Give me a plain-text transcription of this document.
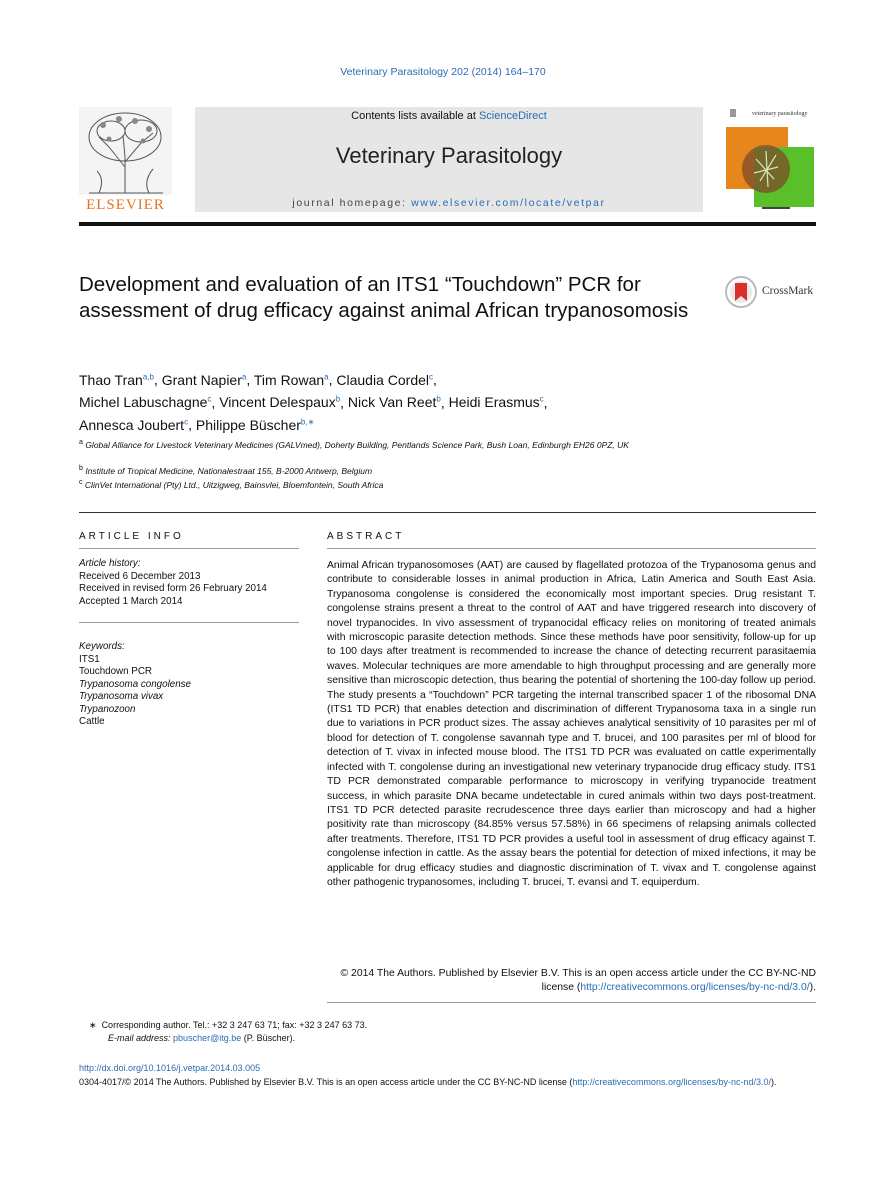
Veterinary Parasitology 202 (2014) 164–170
ELSEVIER
Contents lists available at ScienceDirect
Veterinary Parasitology
journal homepage: www.elsevier.com/locate/vetpar
veterinary parasitology
Development and evaluation of an ITS1 “Touchdown” PCR for assessment of drug efficacy against animal African trypanosomosis
CrossMark
Thao Tran$^{a,b}$, Grant Napier$^a$, Tim Rowan$^a$, Claudia Cordel$^c$,
Michel Labuschagne$^c$, Vincent Delespaux$^b$, Nick Van Reet$^b$, Heidi Erasmus$^c$,
Annesca Joubert$^c$, Philippe Büscher$^{b,∗}$
$^a$ Global Alliance for Livestock Veterinary Medicines (GALVmed), Doherty Building, Pentlands Science Park, Bush Loan, Edinburgh EH26 0PZ, UK
$^b$ Institute of Tropical Medicine, Nationalestraat 155, B-2000 Antwerp, Belgium
$^c$ ClinVet International (Pty) Ltd., Uitzigweg, Bainsvlei, Bloemfontein, South Africa
ARTICLE INFO
Article history:
Received 6 December 2013
Received in revised form 26 February 2014
Accepted 1 March 2014
Keywords:
ITS1
Touchdown PCR
Trypanosoma congolense
Trypanosoma vivax
Trypanozoon
Cattle
ABSTRACT

Animal African trypanosomoses (AAT) are caused by flagellated protozoa of the Trypanosoma genus and contribute to considerable losses in animal production in Africa, Latin America and South East Asia. Trypanosoma congolense is considered the economically most important species. Drug resistant T. congolense strains present a threat to the control of AAT and have triggered research into discovery of novel trypanocides. In vivo assessment of trypanocidal efficacy relies on monitoring of treated animals with microscopic parasite detection methods. Since these methods have poor sensitivity, follow-up for up to 100 days after treatment is recommended to increase the chance of detecting recurrent parasitaemia waves. Molecular techniques are more amendable to high throughput processing and are generally more sensitive than microscopic detection, thus bearing the potential of shortening the 100-day follow up period. The study presents a “Touchdown” PCR targeting the internal transcribed spacer 1 of the ribosomal DNA (ITS1 TD PCR) that enables detection and discrimination of different Trypanosoma taxa in a single run due to variations in PCR product sizes. The assay achieves analytical sensitivity of 10 parasites per ml of blood for detection of T. congolense savannah type and T. brucei, and 100 parasites per ml of blood for detection of T. vivax in infected mouse blood. The ITS1 TD PCR was evaluated on cattle experimentally infected with T. congolense during an investigational new veterinary trypanocide drug efficacy study. ITS1 TD PCR demonstrated comparable performance to microscopy in verifying trypanocide treatment success, in which parasite DNA became undetectable in cured animals within two days post-treatment. ITS1 TD PCR detected parasite recrudescence three days earlier than microscopy and had a higher positivity rate than microscopy (84.85% versus 57.58%) in 66 specimens of relapsing animals collected after treatments. Therefore, ITS1 TD PCR provides a useful tool in assessment of drug efficacy against T. congolense infection in cattle. As the assay bears the potential for detection of mixed infections, it may be applicable for drug efficacy studies and diagnostic discrimination of T. vivax and T. congolense against other pathogenic trypanosomes, including T. brucei, T. evansi and T. equiperdum.

© 2014 The Authors. Published by Elsevier B.V. This is an open access article under the CC BY-NC-ND license (http://creativecommons.org/licenses/by-nc-nd/3.0/).
∗ Corresponding author. Tel.: +32 3 247 63 71; fax: +32 3 247 63 73.
E-mail address: pbuscher@itg.be (P. Büscher).
http://dx.doi.org/10.1016/j.vetpar.2014.03.005
0304-4017/© 2014 The Authors. Published by Elsevier B.V. This is an open access article under the CC BY-NC-ND license (http://creativecommons.org/licenses/by-nc-nd/3.0/).
